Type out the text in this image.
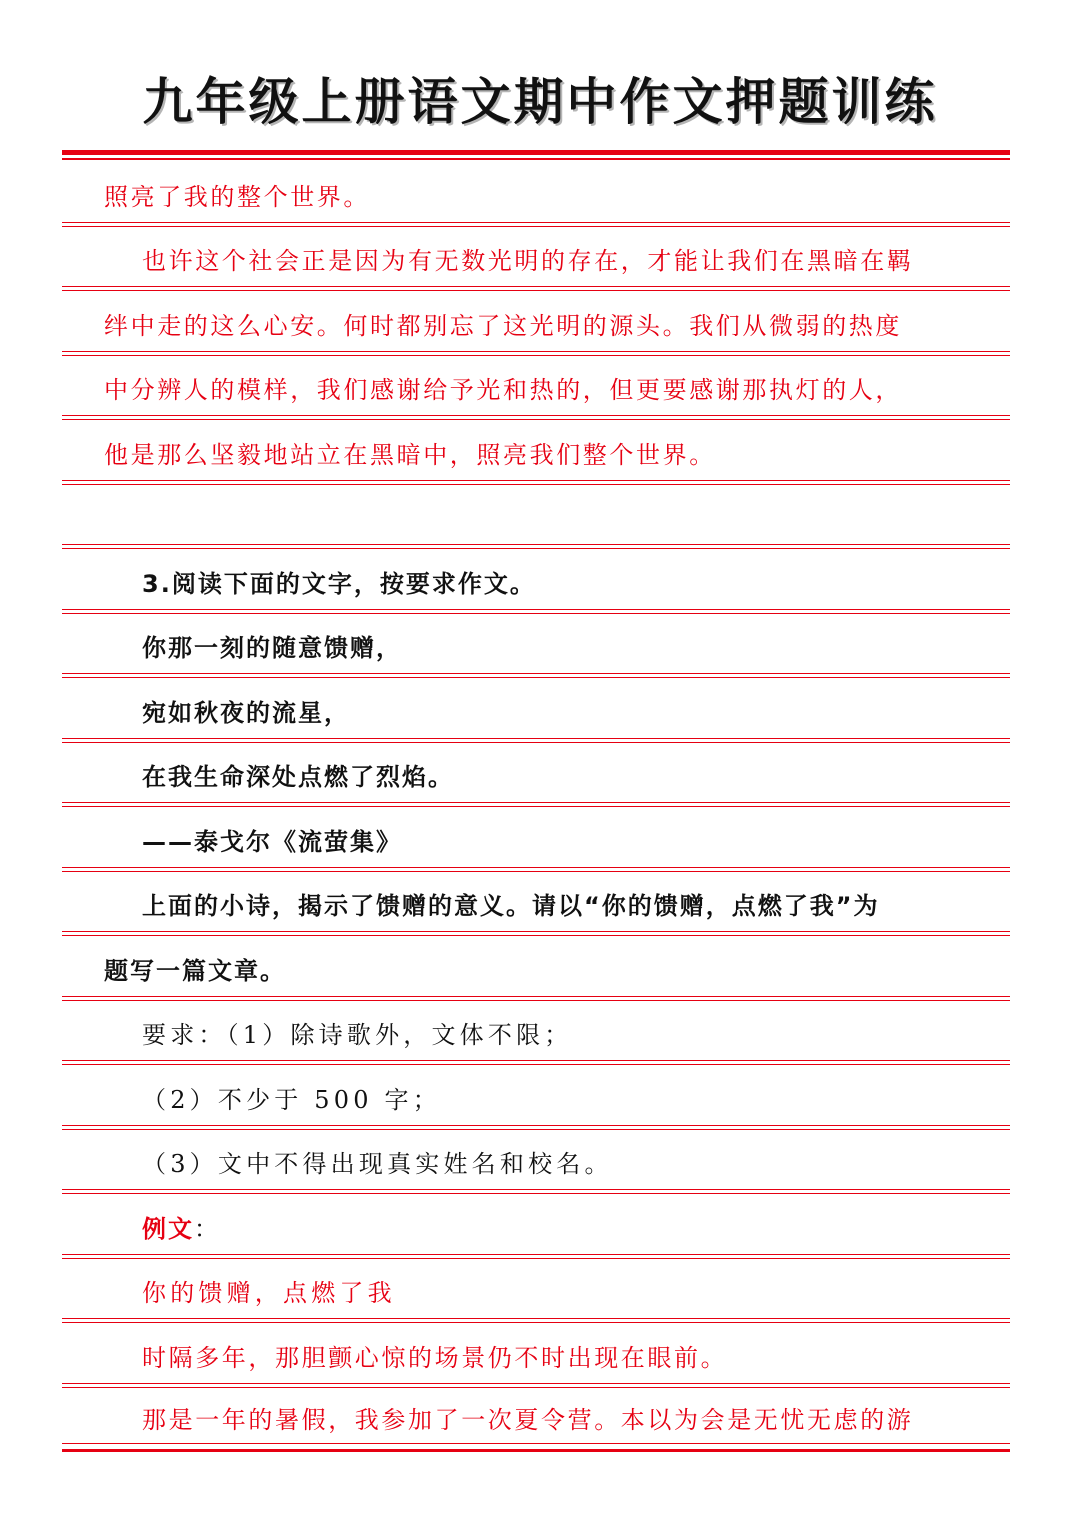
九年级上册语文期中作文押题训练
照亮了我的整个世界。
也许这个社会正是因为有无数光明的存在，才能让我们在黑暗在羁
绊中走的这么心安。何时都别忘了这光明的源头。我们从微弱的热度
中分辨人的模样，我们感谢给予光和热的，但更要感谢那执灯的人，
他是那么坚毅地站立在黑暗中，照亮我们整个世界。
3.阅读下面的文字，按要求作文。
你那一刻的随意馈赠，
宛如秋夜的流星，
在我生命深处点燃了烈焰。
——泰戈尔《流萤集》
上面的小诗，揭示了馈赠的意义。请以“你的馈赠，点燃了我”为
题写一篇文章。
要求：（1）除诗歌外，文体不限；
（2）不少于 500 字；
（3）文中不得出现真实姓名和校名。
例文：
你的馈赠，点燃了我
时隔多年，那胆颤心惊的场景仍不时出现在眼前。
那是一年的暑假，我参加了一次夏令营。本以为会是无忧无虑的游
